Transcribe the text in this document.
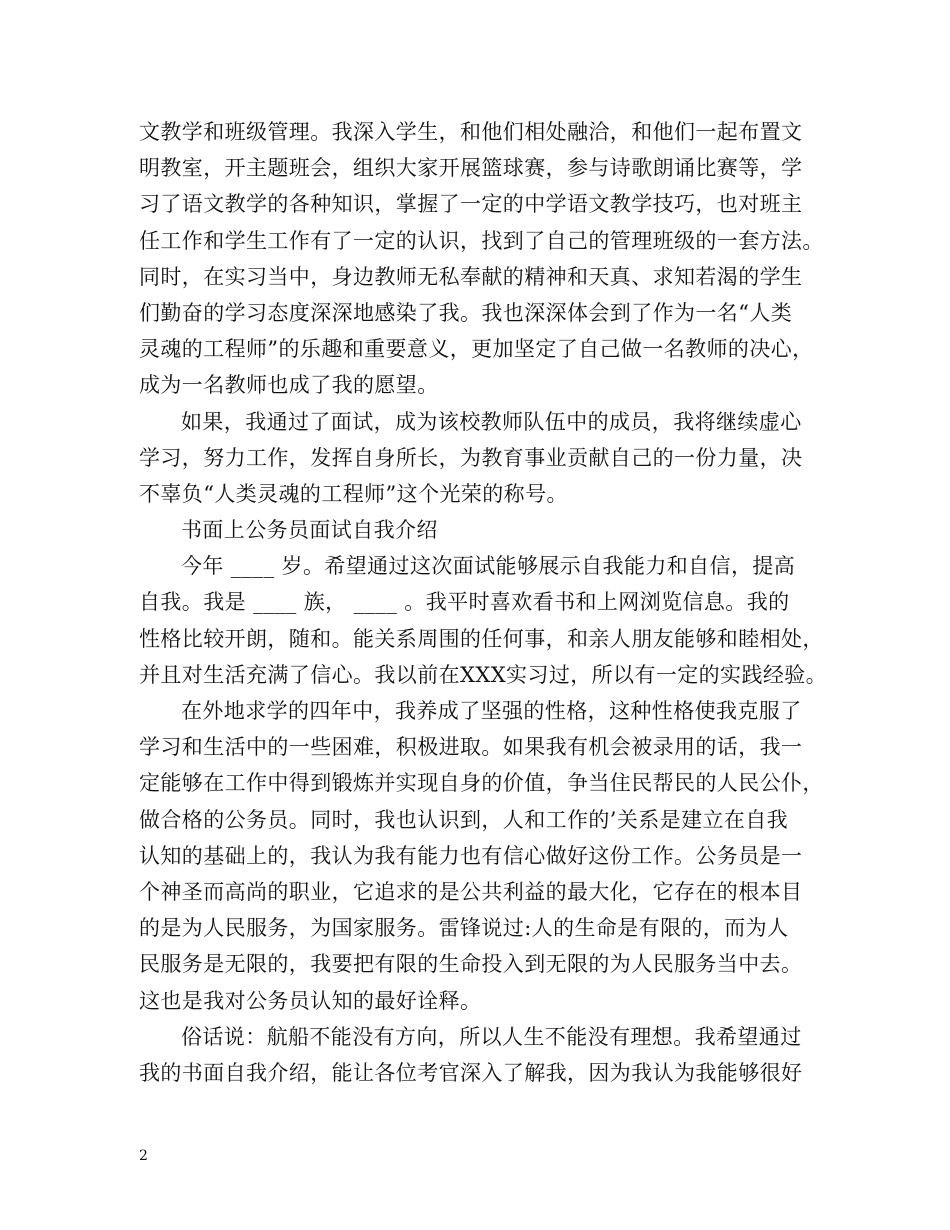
文教学和班级管理。我深入学生，和他们相处融洽，和他们一起布置文
明教室，开主题班会，组织大家开展篮球赛，参与诗歌朗诵比赛等，学
习了语文教学的各种知识，掌握了一定的中学语文教学技巧，也对班主
任工作和学生工作有了一定的认识，找到了自己的管理班级的一套方法。
同时，在实习当中，身边教师无私奉献的精神和天真、求知若渴的学生
们勤奋的学习态度深深地感染了我。我也深深体会到了作为一名“人类
灵魂的工程师”的乐趣和重要意义，更加坚定了自己做一名教师的决心，
成为一名教师也成了我的愿望。
如果，我通过了面试，成为该校教师队伍中的成员，我将继续虚心
学习，努力工作，发挥自身所长，为教育事业贡献自己的一份力量，决
不辜负“人类灵魂的工程师”这个光荣的称号。
书面上公务员面试自我介绍
今年 ____ 岁。希望通过这次面试能够展示自我能力和自信，提高
自我。我是 ____ 族， ____ 。我平时喜欢看书和上网浏览信息。我的
性格比较开朗，随和。能关系周围的任何事，和亲人朋友能够和睦相处，
并且对生活充满了信心。我以前在XXX实习过，所以有一定的实践经验。
在外地求学的四年中，我养成了坚强的性格，这种性格使我克服了
学习和生活中的一些困难，积极进取。如果我有机会被录用的话，我一
定能够在工作中得到锻炼并实现自身的价值，争当住民帮民的人民公仆，
做合格的公务员。同时，我也认识到，人和工作的’关系是建立在自我
认知的基础上的，我认为我有能力也有信心做好这份工作。公务员是一
个神圣而高尚的职业，它追求的是公共利益的最大化，它存在的根本目
的是为人民服务，为国家服务。雷锋说过:人的生命是有限的，而为人
民服务是无限的，我要把有限的生命投入到无限的为人民服务当中去。
这也是我对公务员认知的最好诠释。
俗话说：航船不能没有方向，所以人生不能没有理想。我希望通过
我的书面自我介绍，能让各位考官深入了解我，因为我认为我能够很好
2
